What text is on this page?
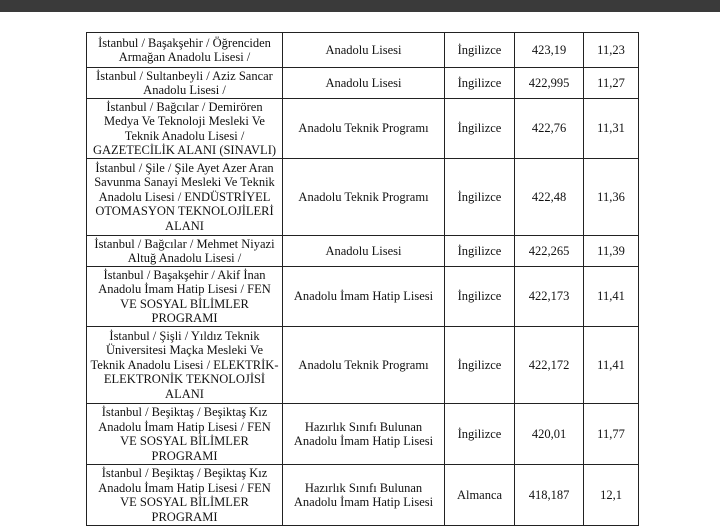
İstanbul / Başakşehir / Öğrenciden Armağan Anadolu Lisesi /	Anadolu Lisesi	İngilizce	423,19	11,23
İstanbul / Sultanbeyli / Aziz Sancar Anadolu Lisesi /	Anadolu Lisesi	İngilizce	422,995	11,27
İstanbul / Bağcılar / Demirören Medya Ve Teknoloji Mesleki Ve Teknik Anadolu Lisesi / GAZETECİLİK ALANI (SINAVLI)	Anadolu Teknik Programı	İngilizce	422,76	11,31
İstanbul / Şile / Şile Ayet Azer Aran Savunma Sanayi Mesleki Ve Teknik Anadolu Lisesi / ENDÜSTRİYEL OTOMASYON TEKNOLOJİLERİ ALANI	Anadolu Teknik Programı	İngilizce	422,48	11,36
İstanbul / Bağcılar / Mehmet Niyazi Altuğ Anadolu Lisesi /	Anadolu Lisesi	İngilizce	422,265	11,39
İstanbul / Başakşehir / Akif İnan Anadolu İmam Hatip Lisesi / FEN VE SOSYAL BİLİMLER PROGRAMI	Anadolu İmam Hatip Lisesi	İngilizce	422,173	11,41
İstanbul / Şişli / Yıldız Teknik Üniversitesi Maçka Mesleki Ve Teknik Anadolu Lisesi / ELEKTRİK-ELEKTRONİK TEKNOLOJİSİ ALANI	Anadolu Teknik Programı	İngilizce	422,172	11,41
İstanbul / Beşiktaş / Beşiktaş Kız Anadolu İmam Hatip Lisesi / FEN VE SOSYAL BİLİMLER PROGRAMI	Hazırlık Sınıfı Bulunan Anadolu İmam Hatip Lisesi	İngilizce	420,01	11,77
İstanbul / Beşiktaş / Beşiktaş Kız Anadolu İmam Hatip Lisesi / FEN VE SOSYAL BİLİMLER PROGRAMI	Hazırlık Sınıfı Bulunan Anadolu İmam Hatip Lisesi	Almanca	418,187	12,1
